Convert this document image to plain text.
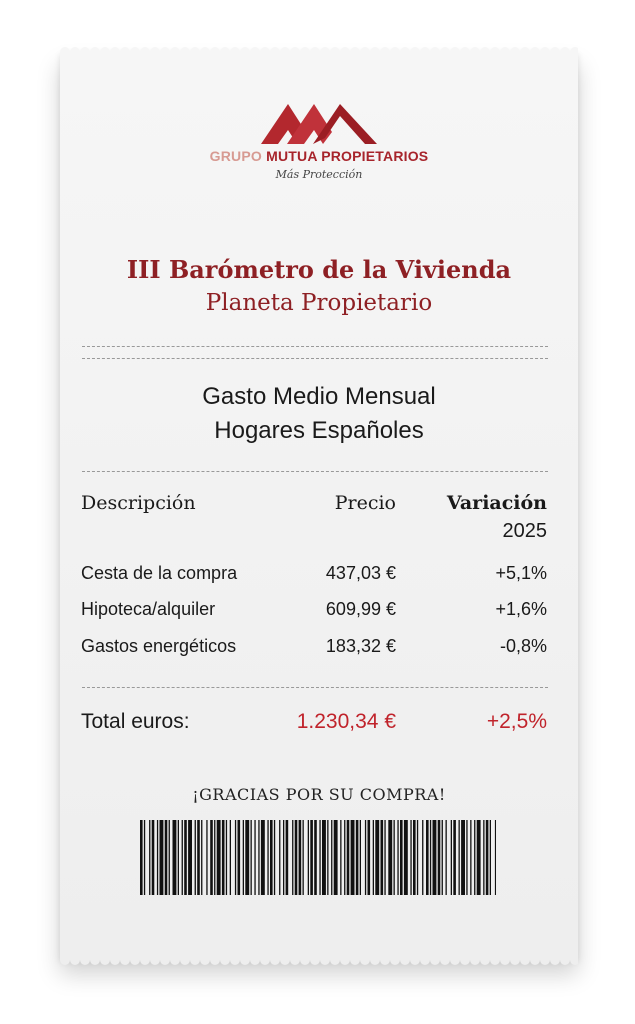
GRUPO MUTUA PROPIETARIOS
Más Protección
III Barómetro de la Vivienda
Planeta Propietario
Gasto Medio Mensual
Hogares Españoles
Descripción	Precio	Variación
2025
Cesta de la compra	437,03 €	+5,1%
Hipoteca/alquiler	609,99 €	+1,6%
Gastos energéticos	183,32 €	-0,8%
Total euros:	1.230,34 €	+2,5%
¡GRACIAS POR SU COMPRA!
